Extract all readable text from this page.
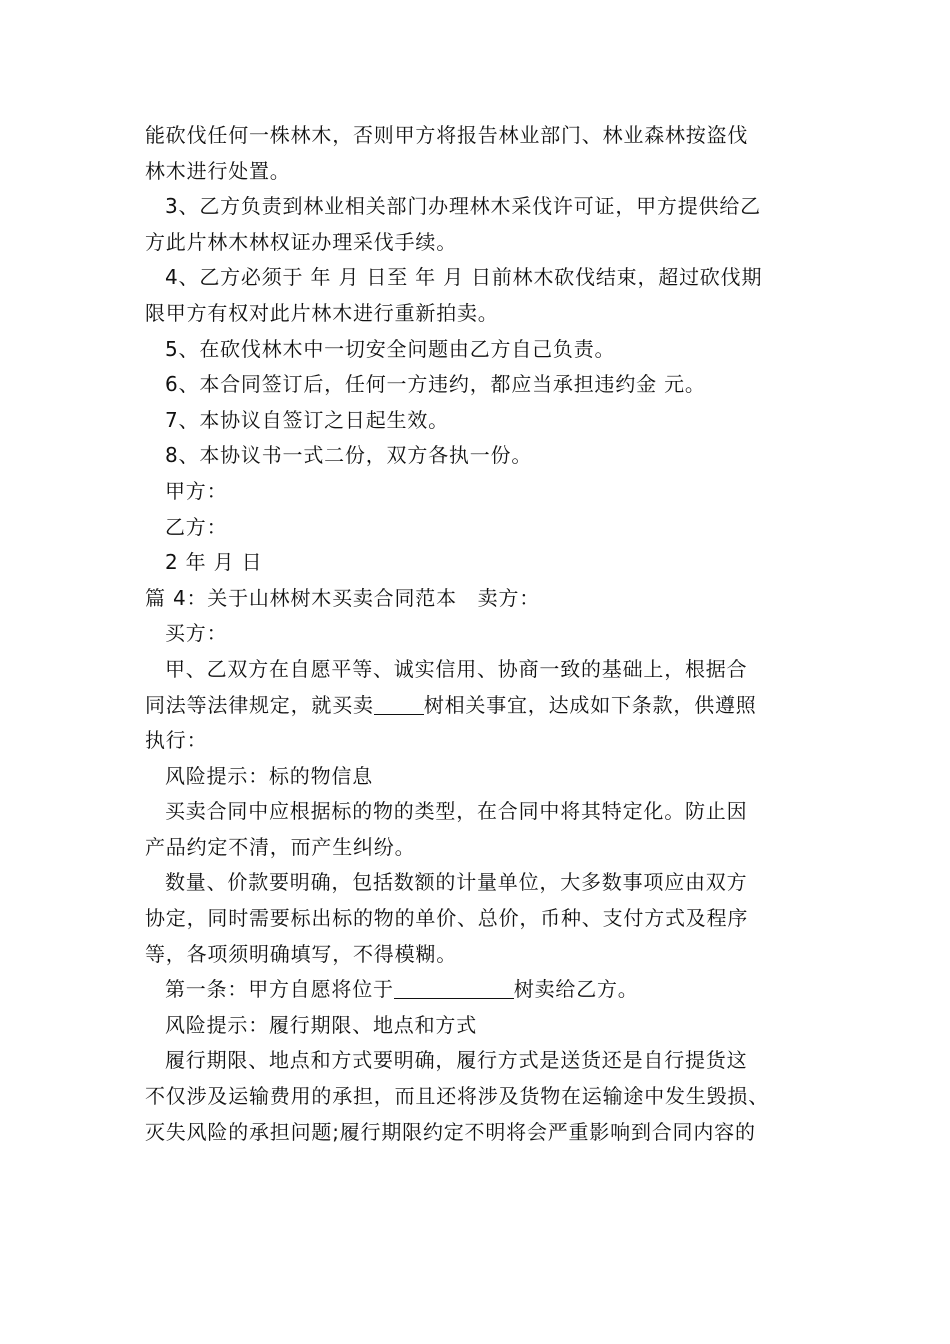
能砍伐任何一株林木，否则甲方将报告林业部门、林业森林按盗伐

林木进行处置。

3、乙方负责到林业相关部门办理林木采伐许可证，甲方提供给乙

方此片林木林权证办理采伐手续。

4、乙方必须于 年 月 日至 年 月 日前林木砍伐结束，超过砍伐期

限甲方有权对此片林木进行重新拍卖。

5、在砍伐林木中一切安全问题由乙方自己负责。

6、本合同签订后，任何一方违约，都应当承担违约金 元。

7、本协议自签订之日起生效。

8、本协议书一式二份，双方各执一份。

甲方：

乙方：

2 年 月 日

篇 4：关于山林树木买卖合同范本　卖方：

买方：

甲、乙双方在自愿平等、诚实信用、协商一致的基础上，根据合

同法等法律规定，就买卖	树相关事宜，达成如下条款，供遵照

执行：

风险提示：标的物信息

买卖合同中应根据标的物的类型，在合同中将其特定化。防止因

产品约定不清，而产生纠纷。

数量、价款要明确，包括数额的计量单位，大多数事项应由双方

协定，同时需要标出标的物的单价、总价，币种、支付方式及程序

等，各项须明确填写，不得模糊。

第一条：甲方自愿将位于	树卖给乙方。

风险提示：履行期限、地点和方式

履行期限、地点和方式要明确，履行方式是送货还是自行提货这

不仅涉及运输费用的承担，而且还将涉及货物在运输途中发生毁损、

灭失风险的承担问题;履行期限约定不明将会严重影响到合同内容的
